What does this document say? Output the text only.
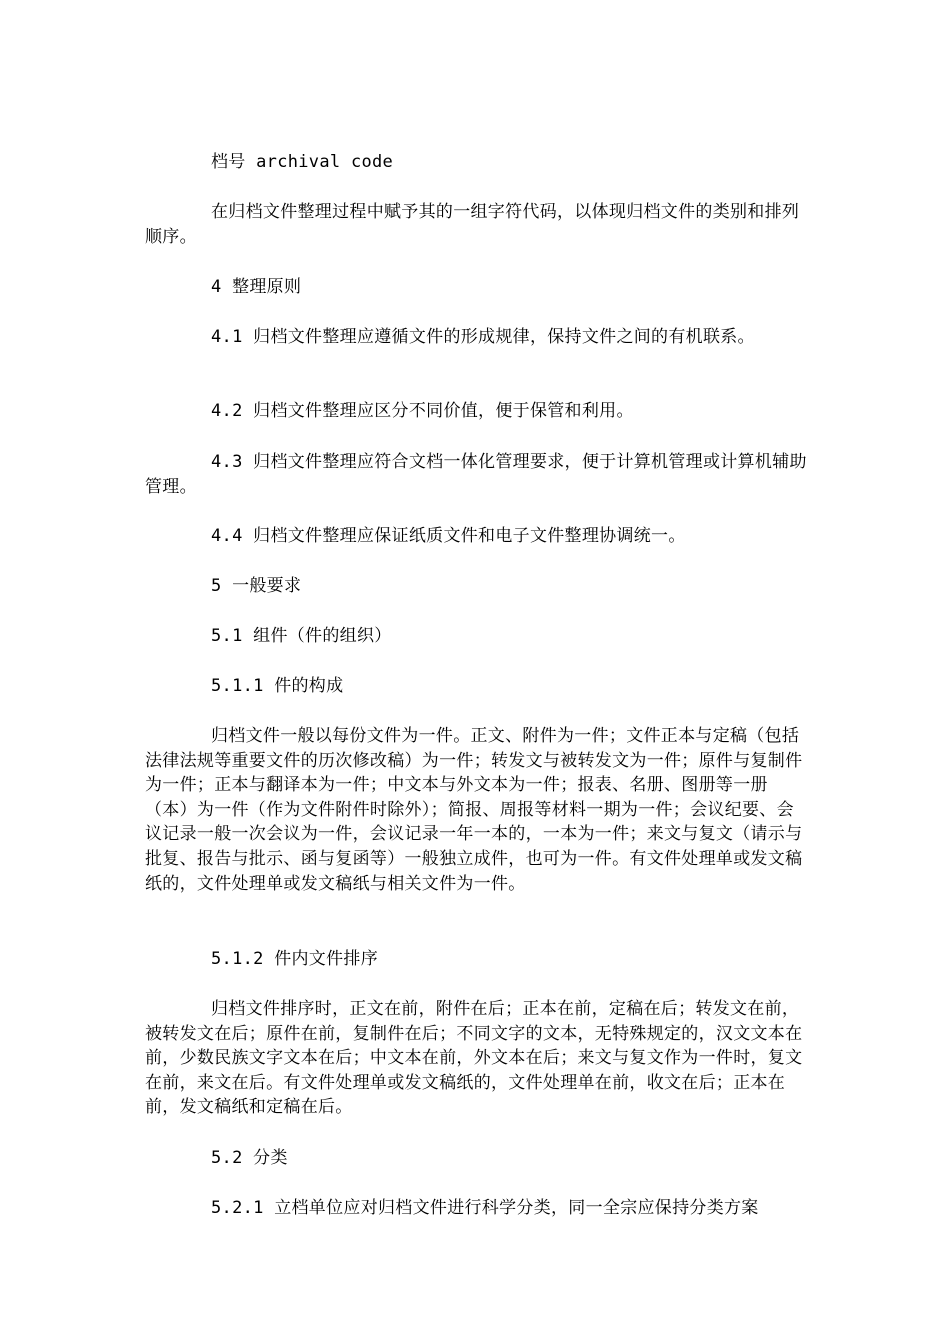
档号 archival code

在归档文件整理过程中赋予其的一组字符代码，以体现归档文件的类别和排列顺序。

4 整理原则

4.1 归档文件整理应遵循文件的形成规律，保持文件之间的有机联系。

4.2 归档文件整理应区分不同价值，便于保管和利用。

4.3 归档文件整理应符合文档一体化管理要求，便于计算机管理或计算机辅助管理。

4.4 归档文件整理应保证纸质文件和电子文件整理协调统一。

5 一般要求

5.1 组件（件的组织）

5.1.1 件的构成

归档文件一般以每份文件为一件。正文、附件为一件；文件正本与定稿（包括法律法规等重要文件的历次修改稿）为一件；转发文与被转发文为一件；原件与复制件为一件；正本与翻译本为一件；中文本与外文本为一件；报表、名册、图册等一册（本）为一件（作为文件附件时除外）；简报、周报等材料一期为一件；会议纪要、会议记录一般一次会议为一件，会议记录一年一本的，一本为一件；来文与复文（请示与批复、报告与批示、函与复函等）一般独立成件，也可为一件。有文件处理单或发文稿纸的，文件处理单或发文稿纸与相关文件为一件。

5.1.2 件内文件排序

归档文件排序时，正文在前，附件在后；正本在前，定稿在后；转发文在前，被转发文在后；原件在前，复制件在后；不同文字的文本，无特殊规定的，汉文文本在前，少数民族文字文本在后；中文本在前，外文本在后；来文与复文作为一件时，复文在前，来文在后。有文件处理单或发文稿纸的，文件处理单在前，收文在后；正本在前，发文稿纸和定稿在后。

5.2 分类

5.2.1 立档单位应对归档文件进行科学分类，同一全宗应保持分类方案
